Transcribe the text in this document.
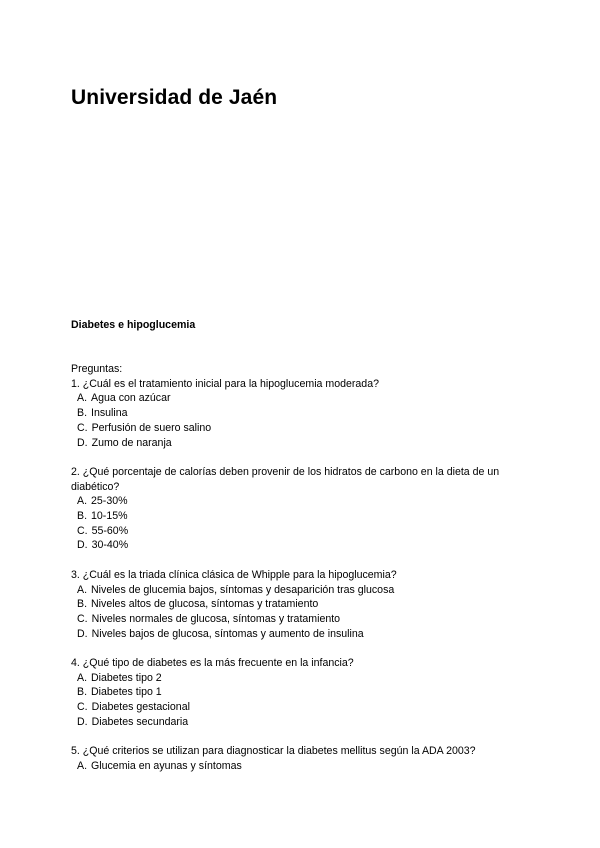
Universidad de Jaén
Diabetes e hipoglucemia
Preguntas:
1. ¿Cuál es el tratamiento inicial para la hipoglucemia moderada?
A. Agua con azúcar
B. Insulina
C. Perfusión de suero salino
D. Zumo de naranja
2. ¿Qué porcentaje de calorías deben provenir de los hidratos de carbono en la dieta de un diabético?
A. 25-30%
B. 10-15%
C. 55-60%
D. 30-40%
3. ¿Cuál es la triada clínica clásica de Whipple para la hipoglucemia?
A. Niveles de glucemia bajos, síntomas y desaparición tras glucosa
B. Niveles altos de glucosa, síntomas y tratamiento
C. Niveles normales de glucosa, síntomas y tratamiento
D. Niveles bajos de glucosa, síntomas y aumento de insulina
4. ¿Qué tipo de diabetes es la más frecuente en la infancia?
A. Diabetes tipo 2
B. Diabetes tipo 1
C. Diabetes gestacional
D. Diabetes secundaria
5. ¿Qué criterios se utilizan para diagnosticar la diabetes mellitus según la ADA 2003?
A. Glucemia en ayunas y síntomas
